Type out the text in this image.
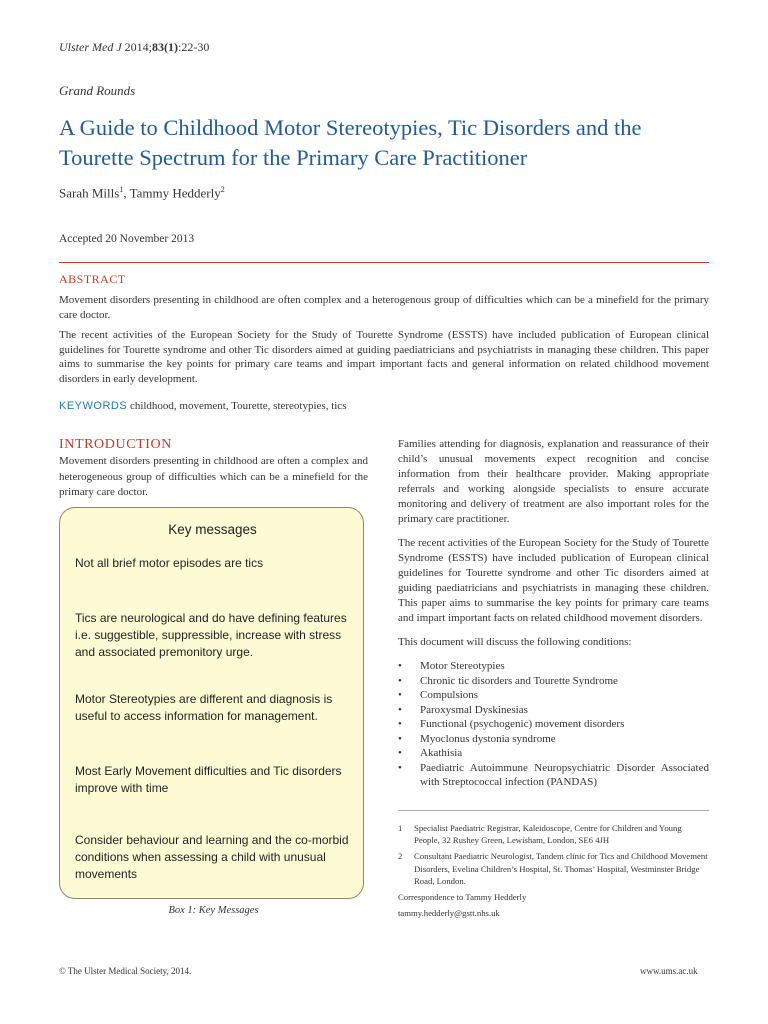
Ulster Med J 2014;83(1):22-30
Grand Rounds
A Guide to Childhood Motor Stereotypies, Tic Disorders and the Tourette Spectrum for the Primary Care Practitioner
Sarah Mills$^1$, Tammy Hedderly$^2$
Accepted 20 November 2013
ABSTRACT

Movement disorders presenting in childhood are often complex and a heterogenous group of difficulties which can be a minefield for the primary care doctor.

The recent activities of the European Society for the Study of Tourette Syndrome (ESSTS) have included publication of European clinical guidelines for Tourette syndrome and other Tic disorders aimed at guiding paediatricians and psychiatrists in managing these children. This paper aims to summarise the key points for primary care teams and impart important facts and general information on related childhood movement disorders in early development.

KEYWORDS childhood, movement, Tourette, stereotypies, tics
INTRODUCTION
Movement disorders presenting in childhood are often a complex and heterogeneous group of difficulties which can be a minefield for the primary care doctor.
Key messages
Not all brief motor episodes are tics
Tics are neurological and do have defining features i.e. suggestible, suppressible, increase with stress and associated premonitory urge.
Motor Stereotypies are different and diagnosis is useful to access information for management.
Most Early Movement difficulties and Tic disorders improve with time
Consider behaviour and learning and the co-morbid conditions when assessing a child with unusual movements
Box 1: Key Messages

Families attending for diagnosis, explanation and reassurance of their child’s unusual movements expect recognition and concise information from their healthcare provider. Making appropriate referrals and working alongside specialists to ensure accurate monitoring and delivery of treatment are also important roles for the primary care practitioner.

The recent activities of the European Society for the Study of Tourette Syndrome (ESSTS) have included publication of European clinical guidelines for Tourette syndrome and other Tic disorders aimed at guiding paediatricians and psychiatrists in managing these children. This paper aims to summarise the key points for primary care teams and impart important facts on related childhood movement disorders.

This document will discuss the following conditions:

• Motor Stereotypies
• Chronic tic disorders and Tourette Syndrome
• Compulsions
• Paroxysmal Dyskinesias
• Functional (psychogenic) movement disorders
• Myoclonus dystonia syndrome
• Akathisia
• Paediatric Autoimmune Neuropsychiatric Disorder Associated with Streptococcal infection (PANDAS)
1	Specialist Paediatric Registrar, Kaleidoscope, Centre for Children and Young People, 32 Rushey Green, Lewisham, London, SE6 4JH
2	Consultant Paediatric Neurologist, Tandem clinic for Tics and Childhood Movement Disorders, Evelina Children’s Hospital, St. Thomas’ Hospital, Westminster Bridge Road, London.
Correspondence to Tammy Hedderly
tammy.hedderly@gstt.nhs.uk
© The Ulster Medical Society, 2014.	www.ums.ac.uk
